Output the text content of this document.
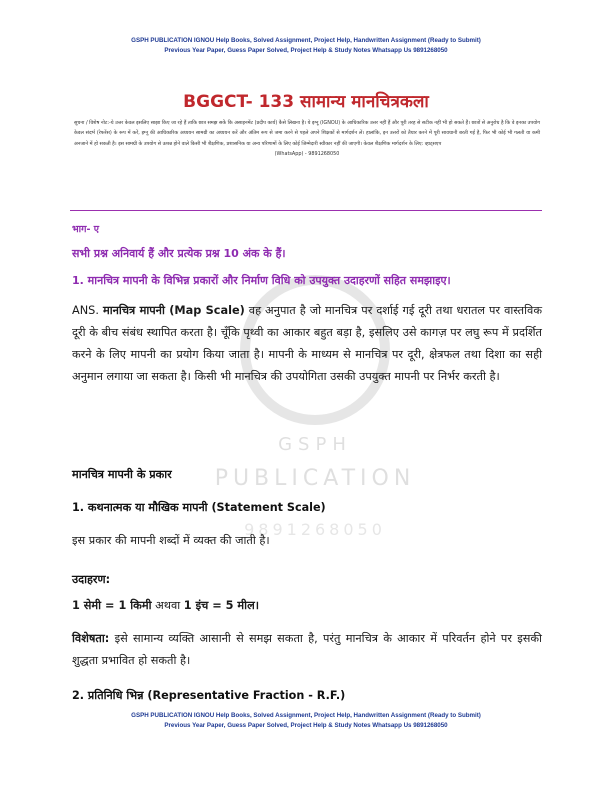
GSPH
PUBLICATION
9891268050
GSPH PUBLICATION IGNOU Help Books, Solved Assignment, Project Help, Handwritten Assignment (Ready to Submit)
Previous Year Paper, Guess Paper Solved, Project Help & Study Notes Whatsapp Us 9891268050
BGGCT- 133 सामान्य मानचित्रकला
सूचना / विशेष नोट:-ये उत्तर केवल इसलिए साझा किए जा रहे हैं ताकि छात्र समझ सकें कि असाइनमेंट (प्रदीप कार्य) कैसे लिखना है। ये इग्नू (IGNOU) के आधिकारिक उत्तर नहीं हैं और पूरी तरह से सटीक नहीं भी हो सकते हैं। छात्रों से अनुरोध है कि वे इनका उपयोग केवल संदर्भ (रेफरेंस) के रूप में करें, इग्नू की आधिकारिक अध्ययन सामग्री का अध्ययन करें और अंतिम रूप से जमा करने से पहले अपने शिक्षकों से मार्गदर्शन लें। हालांकि, इन उत्तरों को तैयार करने में पूरी सावधानी बरती गई है, फिर भी कोई भी गलती या कमी अनजाने में हो सकती है। इस सामग्री के उपयोग से उत्पन्न होने वाले किसी भी शैक्षणिक, प्रशासनिक या अन्य परिणामों के लिए कोई जिम्मेदारी स्वीकार नहीं की जाएगी। केवल शैक्षणिक मार्गदर्शन के लिए: व्हाट्सएप
(WhatsApp) - 9891268050
भाग- ए
सभी प्रश्न अनिवार्य हैं और प्रत्येक प्रश्न 10 अंक के हैं।
1. मानचित्र मापनी के विभिन्न प्रकारों और निर्माण विधि को उपयुक्त उदाहरणों सहित समझाइए।
ANS. मानचित्र मापनी (Map Scale) वह अनुपात है जो मानचित्र पर दर्शाई गई दूरी तथा धरातल पर वास्तविक दूरी के बीच संबंध स्थापित करता है। चूँकि पृथ्वी का आकार बहुत बड़ा है, इसलिए उसे कागज़ पर लघु रूप में प्रदर्शित करने के लिए मापनी का प्रयोग किया जाता है। मापनी के माध्यम से मानचित्र पर दूरी, क्षेत्रफल तथा दिशा का सही अनुमान लगाया जा सकता है। किसी भी मानचित्र की उपयोगिता उसकी उपयुक्त मापनी पर निर्भर करती है।
मानचित्र मापनी के प्रकार
1. कथनात्मक या मौखिक मापनी (Statement Scale)
इस प्रकार की मापनी शब्दों में व्यक्त की जाती है।
उदाहरण:
1 सेमी = 1 किमी अथवा 1 इंच = 5 मील।
विशेषता: इसे सामान्य व्यक्ति आसानी से समझ सकता है, परंतु मानचित्र के आकार में परिवर्तन होने पर इसकी शुद्धता प्रभावित हो सकती है।
2. प्रतिनिधि भिन्न (Representative Fraction - R.F.)
GSPH PUBLICATION IGNOU Help Books, Solved Assignment, Project Help, Handwritten Assignment (Ready to Submit)
Previous Year Paper, Guess Paper Solved, Project Help & Study Notes Whatsapp Us 9891268050
